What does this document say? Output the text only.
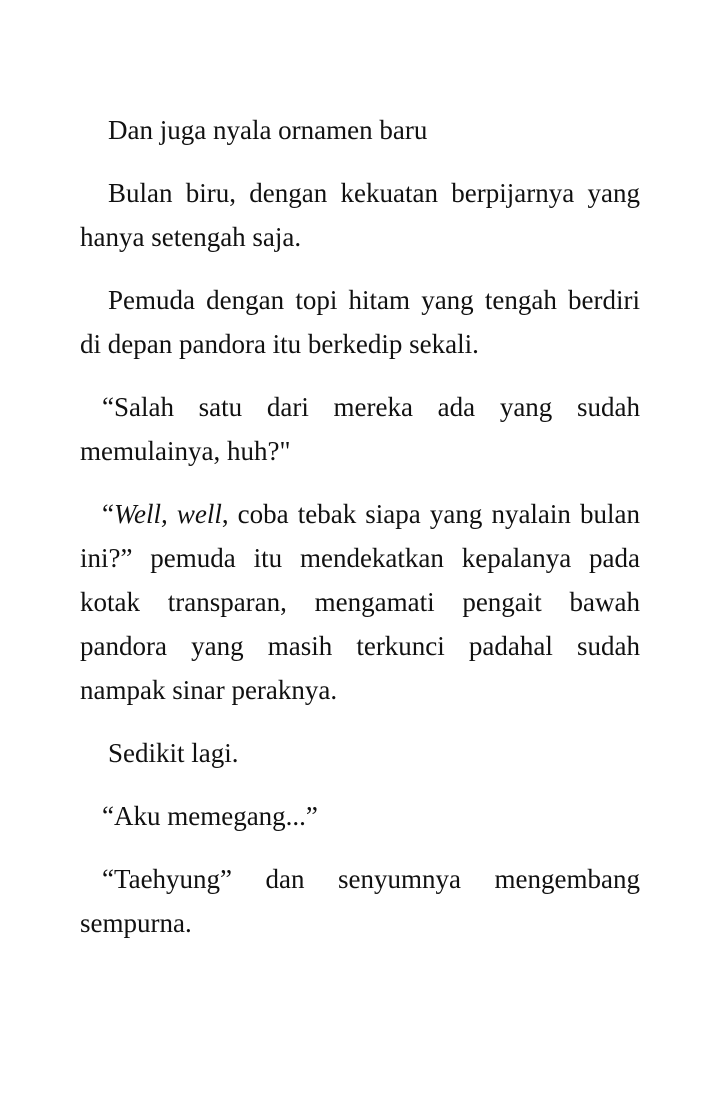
Dan juga nyala ornamen baru

Bulan biru, dengan kekuatan berpijarnya yang hanya setengah saja.

Pemuda dengan topi hitam yang tengah berdiri di depan pandora itu berkedip sekali.

“Salah satu dari mereka ada yang sudah memulainya, huh?"

“Well, well, coba tebak siapa yang nyalain bulan ini?” pemuda itu mendekatkan kepalanya pada kotak transparan, mengamati pengait bawah pandora yang masih terkunci padahal sudah nampak sinar peraknya.

Sedikit lagi.

“Aku memegang...”

“Taehyung” dan senyumnya mengembang sempurna.
